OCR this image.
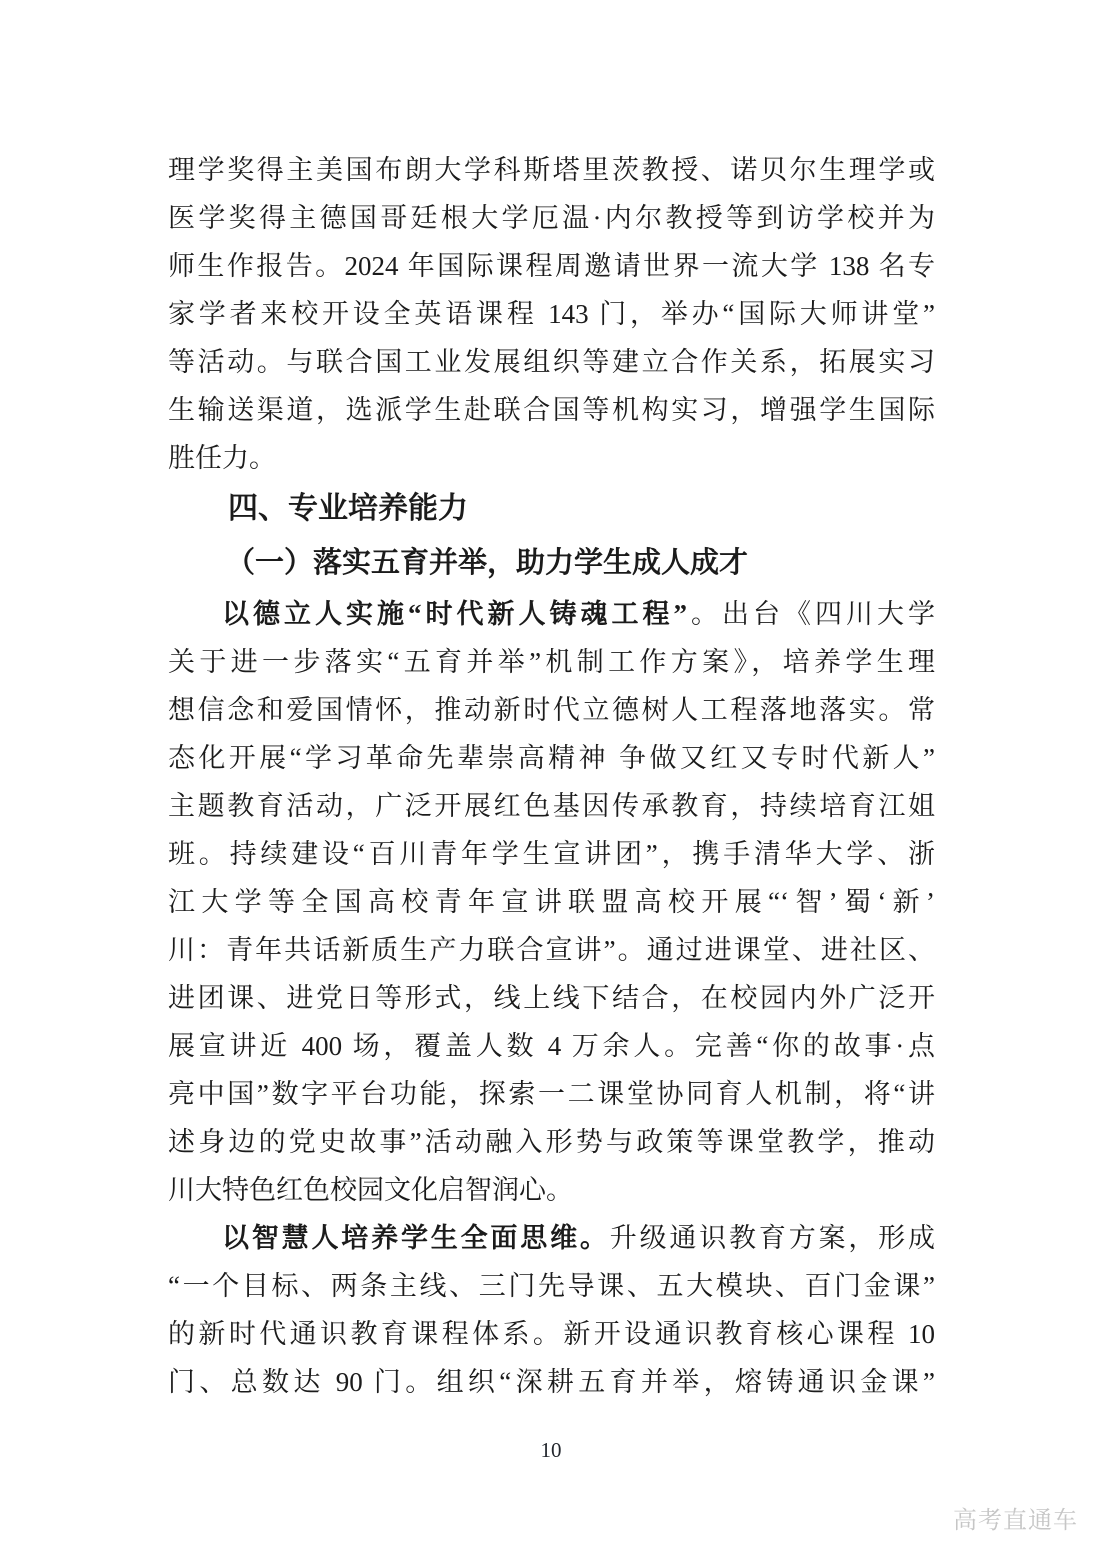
理学奖得主美国布朗大学科斯塔里茨教授、诺贝尔生理学或
医学奖得主德国哥廷根大学厄温·内尔教授等到访学校并为
师生作报告。2024 年国际课程周邀请世界一流大学 138 名专
家学者来校开设全英语课程 143 门，举办“国际大师讲堂”
等活动。与联合国工业发展组织等建立合作关系，拓展实习
生输送渠道，选派学生赴联合国等机构实习，增强学生国际
胜任力。
四、专业培养能力
（一）落实五育并举，助力学生成人成才
以德立人实施“时代新人铸魂工程”。出台《四川大学
关于进一步落实“五育并举”机制工作方案》，培养学生理
想信念和爱国情怀，推动新时代立德树人工程落地落实。常
态化开展“学习革命先辈崇高精神 争做又红又专时代新人”
主题教育活动，广泛开展红色基因传承教育，持续培育江姐
班。持续建设“百川青年学生宣讲团”，携手清华大学、浙
江大学等全国高校青年宣讲联盟高校开展“‘智’蜀‘新’
川：青年共话新质生产力联合宣讲”。通过进课堂、进社区、
进团课、进党日等形式，线上线下结合，在校园内外广泛开
展宣讲近 400 场，覆盖人数 4 万余人。完善“你的故事·点
亮中国”数字平台功能，探索一二课堂协同育人机制，将“讲
述身边的党史故事”活动融入形势与政策等课堂教学，推动
川大特色红色校园文化启智润心。
以智慧人培养学生全面思维。升级通识教育方案，形成
“一个目标、两条主线、三门先导课、五大模块、百门金课”
的新时代通识教育课程体系。新开设通识教育核心课程 10
门、总数达 90 门。组织“深耕五育并举，熔铸通识金课”
10
高考直通车
